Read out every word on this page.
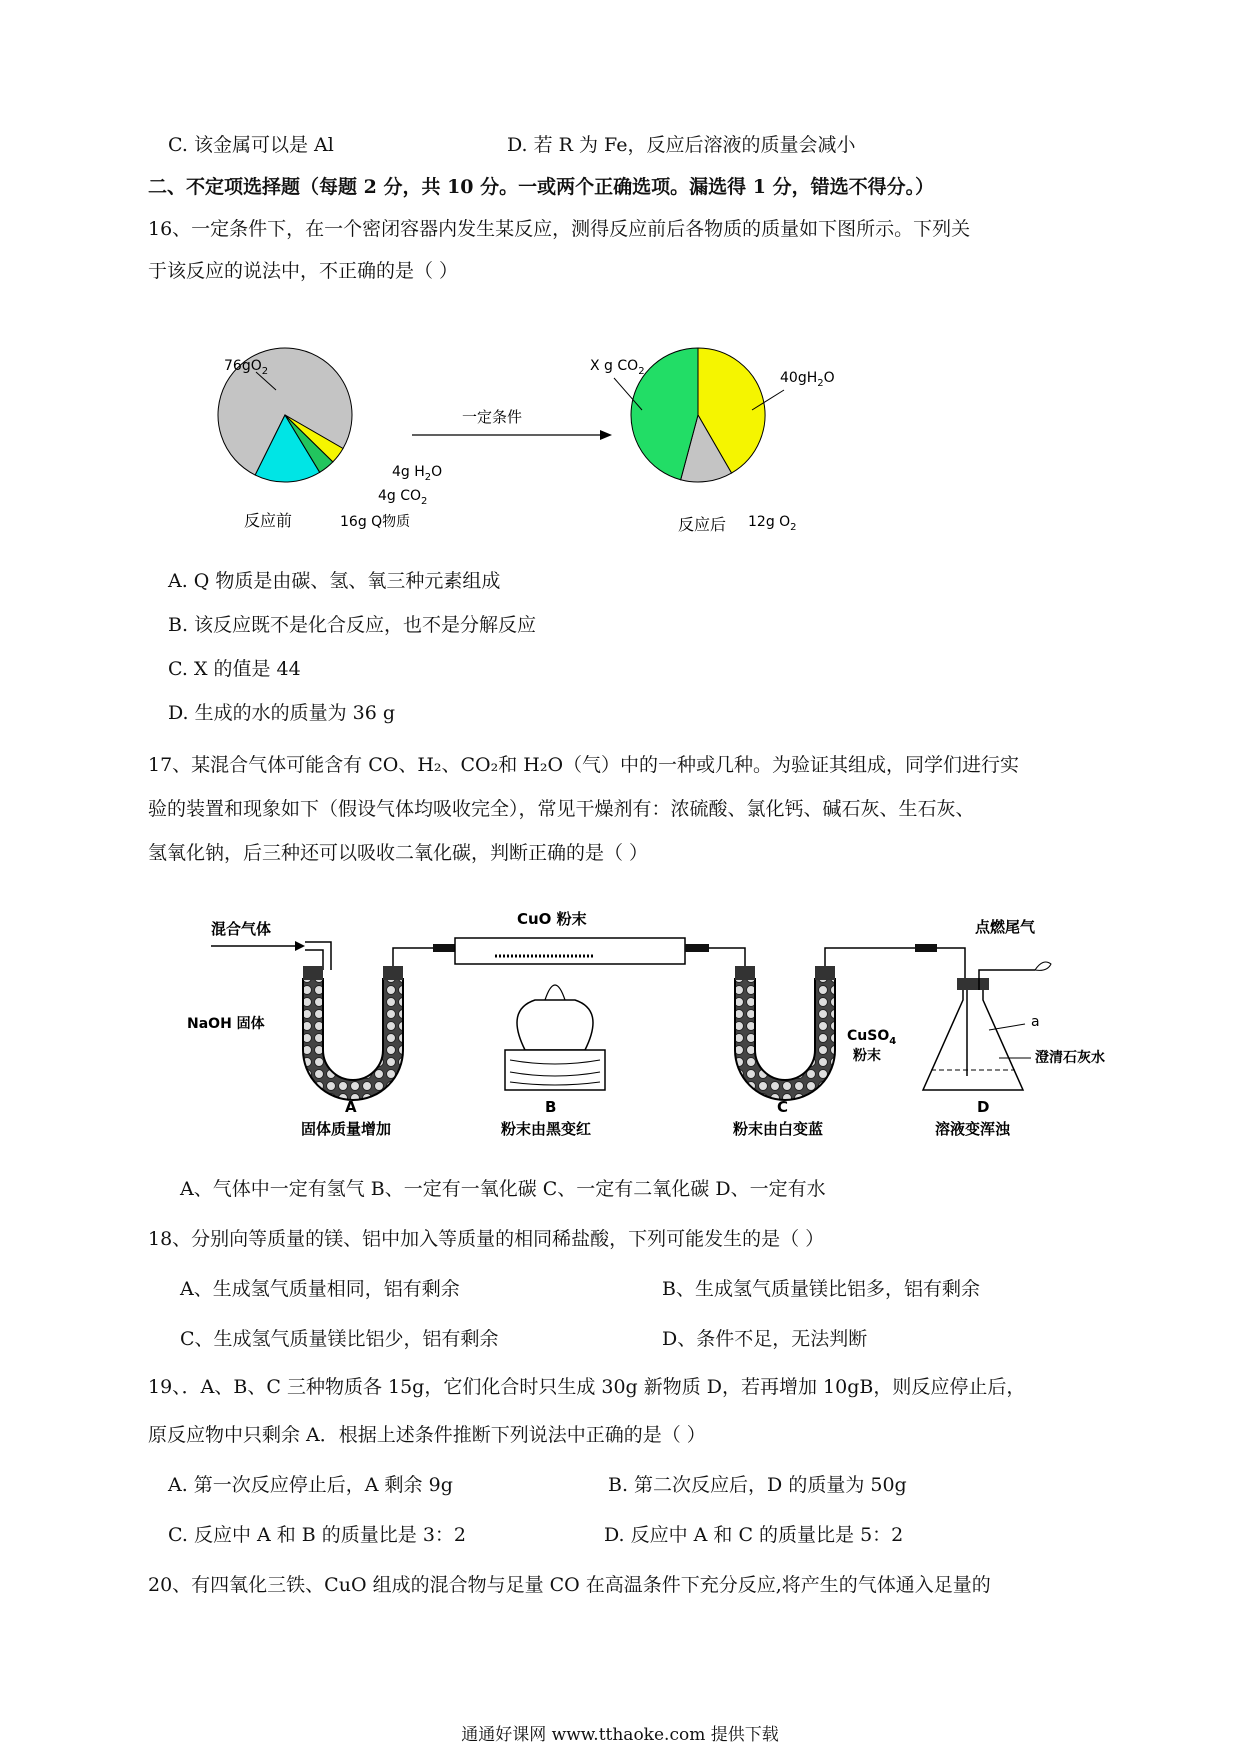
C. 该金属可以是 Al	D. 若 R 为 Fe，反应后溶液的质量会减小
二、不定项选择题（每题 2 分，共 10 分。一或两个正确选项。漏选得 1 分，错选不得分。）
16、一定条件下，在一个密闭容器内发生某反应，测得反应前后各物质的质量如下图所示。下列关
于该反应的说法中，不正确的是（ ）
$76gO_2$
4g $H_2O$
4g $CO_2$
16g Q物质
反应前
一定条件
X g $CO_2$	$40gH_2O$
12g $O_2$
反应后
A. Q 物质是由碳、氢、氧三种元素组成
B. 该反应既不是化合反应，也不是分解反应
C. X 的值是 44
D. 生成的水的质量为 36 g
17、某混合气体可能含有 CO、H₂、CO₂和 H₂O（气）中的一种或几种。为验证其组成，同学们进行实
验的装置和现象如下（假设气体均吸收完全），常见干燥剂有：浓硫酸、氯化钙、碱石灰、生石灰、
氢氧化钠，后三种还可以吸收二氧化碳，判断正确的是（ ）
混合气体
NaOH 固体
CuO 粉末
CuSO$_4$
粉末
点燃尾气
a
澄清石灰水
A	B	C	D
固体质量增加	粉末由黑变红	粉末由白变蓝	溶液变浑浊
A、气体中一定有氢气 B、一定有一氧化碳 C、一定有二氧化碳 D、一定有水
18、分别向等质量的镁、铝中加入等质量的相同稀盐酸，下列可能发生的是（ ）
A、生成氢气质量相同，铝有剩余	B、生成氢气质量镁比铝多，铝有剩余
C、生成氢气质量镁比铝少，铝有剩余	D、条件不足，无法判断
19、．A、B、C 三种物质各 15g，它们化合时只生成 30g 新物质 D，若再增加 10gB，则反应停止后，
原反应物中只剩余 A．根据上述条件推断下列说法中正确的是（ ）
A. 第一次反应停止后，A 剩余 9g	B. 第二次反应后，D 的质量为 50g
C. 反应中 A 和 B 的质量比是 3：2	D. 反应中 A 和 C 的质量比是 5：2
20、有四氧化三铁、CuO 组成的混合物与足量 CO 在高温条件下充分反应,将产生的气体通入足量的
通通好课网 www.tthaoke.com 提供下载
